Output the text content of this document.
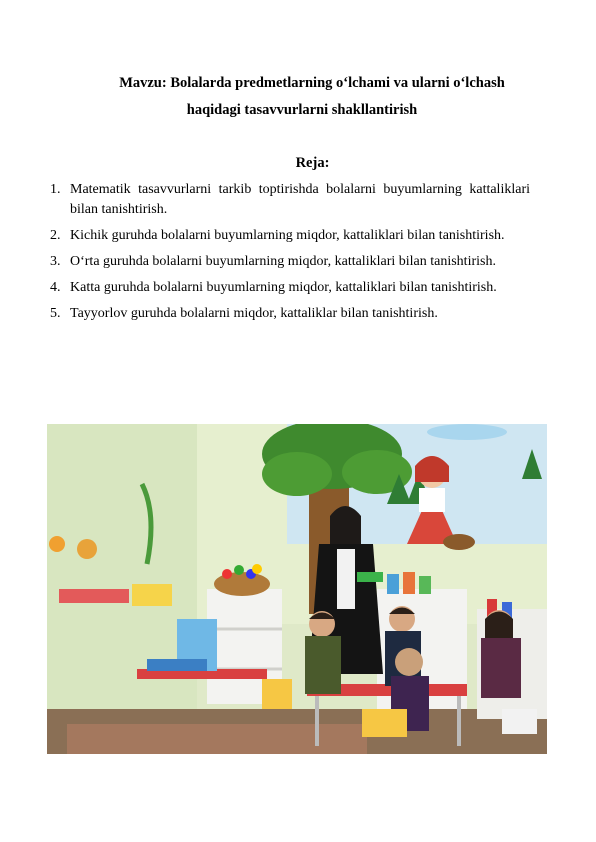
Mavzu: Bolalarda predmetlarning o‘lchami va ularni o‘lchash
haqidagi tasavvurlarni shakllantirish
Reja:
1. Matematik tasavvurlarni tarkib toptirishda bolalarni buyumlarning kattaliklari bilan tanishtirish.
2. Kichik guruhda bolalarni buyumlarning miqdor, kattaliklari bilan tanishtirish.
3. O‘rta guruhda bolalarni buyumlarning miqdor, kattaliklari bilan tanishtirish.
4. Katta guruhda bolalarni buyumlarning miqdor, kattaliklari bilan tanishtirish.
5. Tayyorlov guruhda bolalarni miqdor, kattaliklar bilan tanishtirish.
